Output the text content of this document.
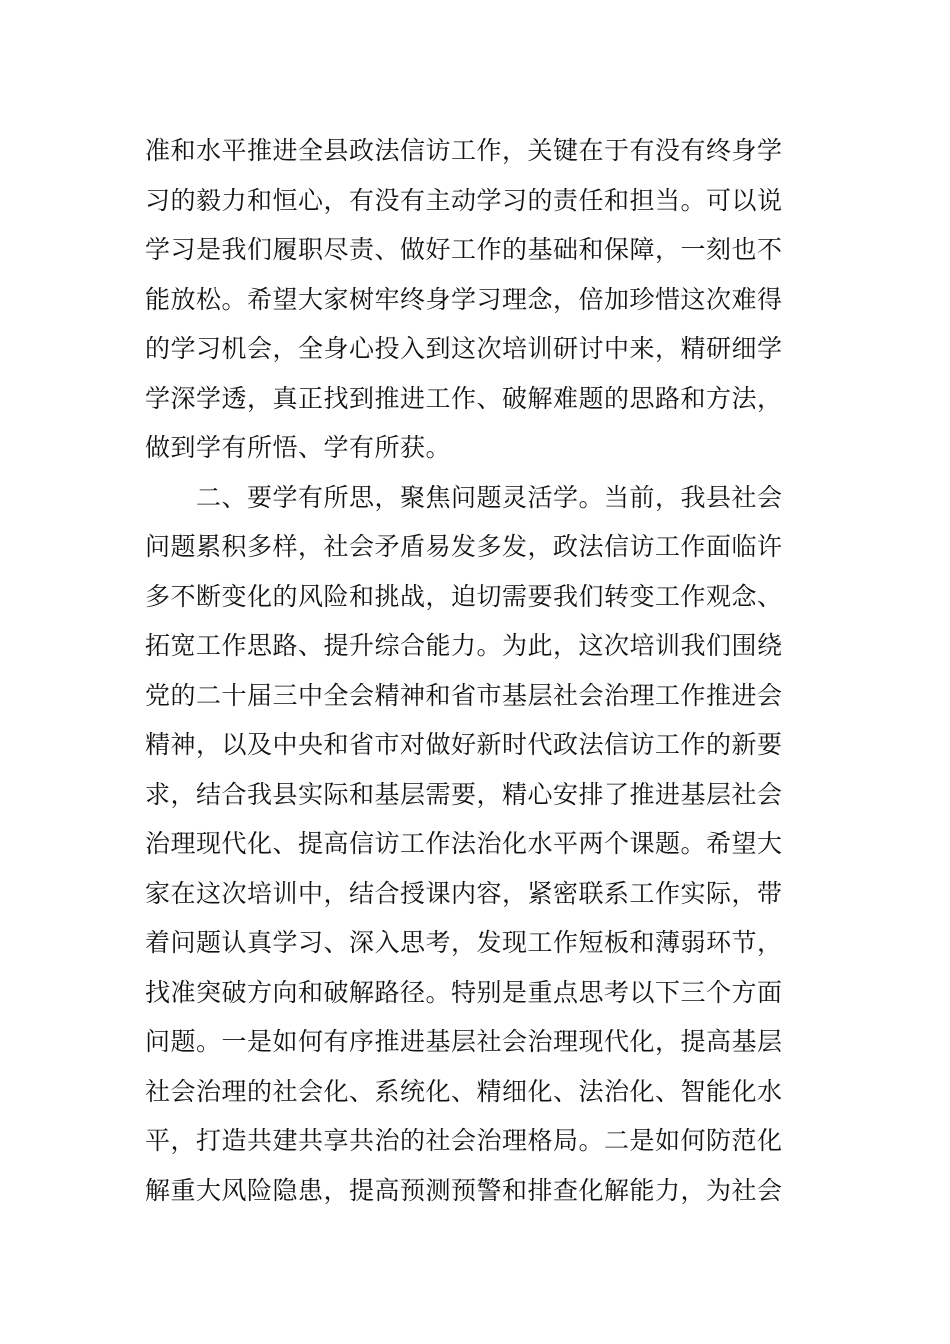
准和水平推进全县政法信访工作，关键在于有没有终身学
习的毅力和恒心，有没有主动学习的责任和担当。可以说
学习是我们履职尽责、做好工作的基础和保障，一刻也不
能放松。希望大家树牢终身学习理念，倍加珍惜这次难得
的学习机会，全身心投入到这次培训研讨中来，精研细学
学深学透，真正找到推进工作、破解难题的思路和方法，
做到学有所悟、学有所获。
　　二、要学有所思，聚焦问题灵活学。当前，我县社会
问题累积多样，社会矛盾易发多发，政法信访工作面临许
多不断变化的风险和挑战，迫切需要我们转变工作观念、
拓宽工作思路、提升综合能力。为此，这次培训我们围绕
党的二十届三中全会精神和省市基层社会治理工作推进会
精神，以及中央和省市对做好新时代政法信访工作的新要
求，结合我县实际和基层需要，精心安排了推进基层社会
治理现代化、提高信访工作法治化水平两个课题。希望大
家在这次培训中，结合授课内容，紧密联系工作实际，带
着问题认真学习、深入思考，发现工作短板和薄弱环节，
找准突破方向和破解路径。特别是重点思考以下三个方面
问题。一是如何有序推进基层社会治理现代化，提高基层
社会治理的社会化、系统化、精细化、法治化、智能化水
平，打造共建共享共治的社会治理格局。二是如何防范化
解重大风险隐患，提高预测预警和排查化解能力，为社会
